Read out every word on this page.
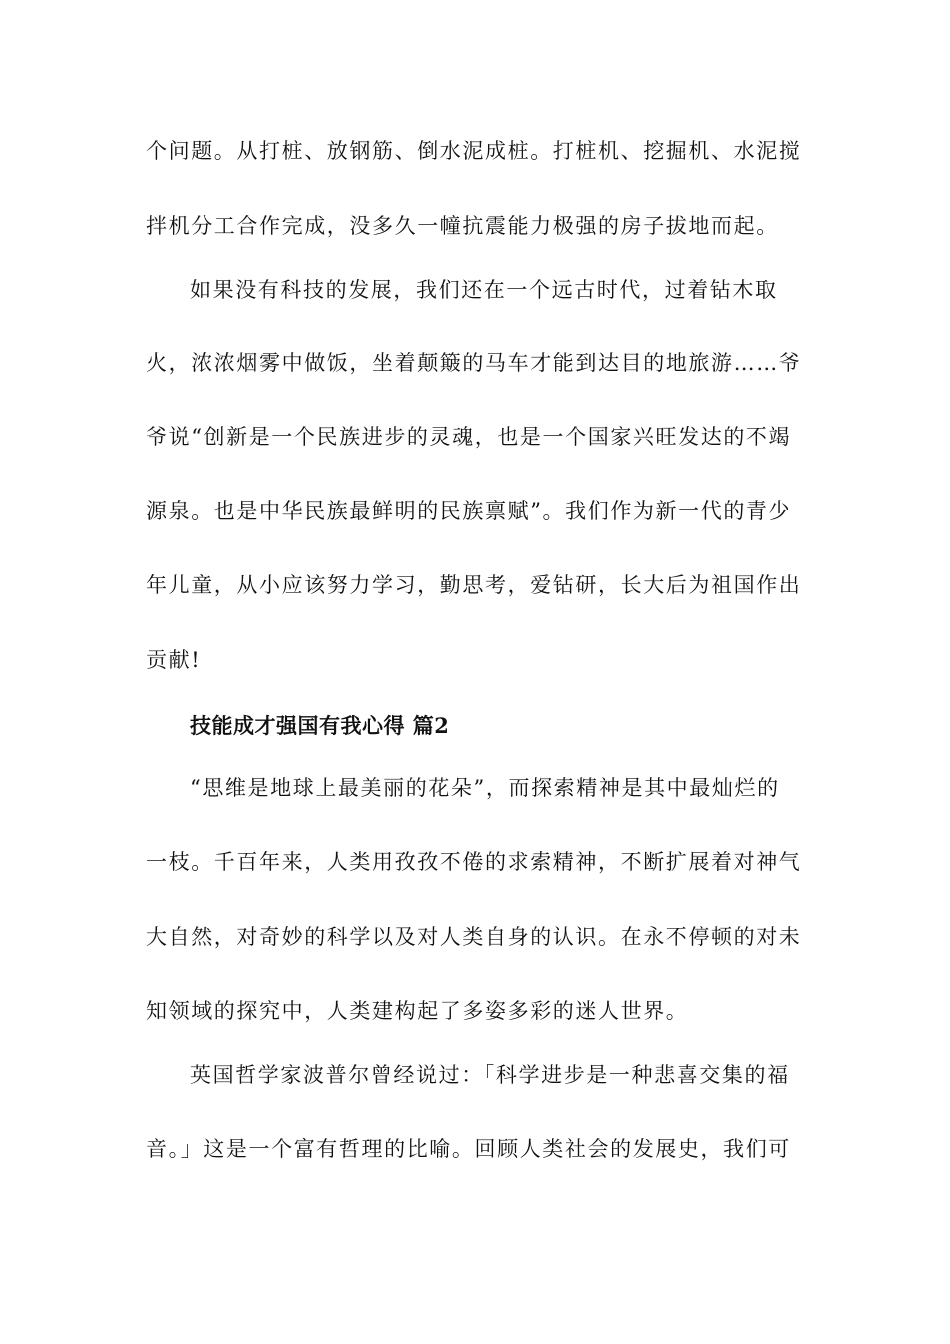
个问题。从打桩、放钢筋、倒水泥成桩。打桩机、挖掘机、水泥搅
拌机分工合作完成，没多久一幢抗震能力极强的房子拔地而起。
如果没有科技的发展，我们还在一个远古时代，过着钻木取
火，浓浓烟雾中做饭，坐着颠簸的马车才能到达目的地旅游……爷
爷说“创新是一个民族进步的灵魂，也是一个国家兴旺发达的不竭
源泉。也是中华民族最鲜明的民族禀赋”。我们作为新一代的青少
年儿童，从小应该努力学习，勤思考，爱钻研，长大后为祖国作出
贡献!
技能成才强国有我心得 篇2
“思维是地球上最美丽的花朵”，而探索精神是其中最灿烂的
一枝。千百年来，人类用孜孜不倦的求索精神，不断扩展着对神气
大自然，对奇妙的科学以及对人类自身的认识。在永不停顿的对未
知领域的探究中，人类建构起了多姿多彩的迷人世界。
英国哲学家波普尔曾经说过：「科学进步是一种悲喜交集的福
音。」这是一个富有哲理的比喻。回顾人类社会的发展史，我们可
